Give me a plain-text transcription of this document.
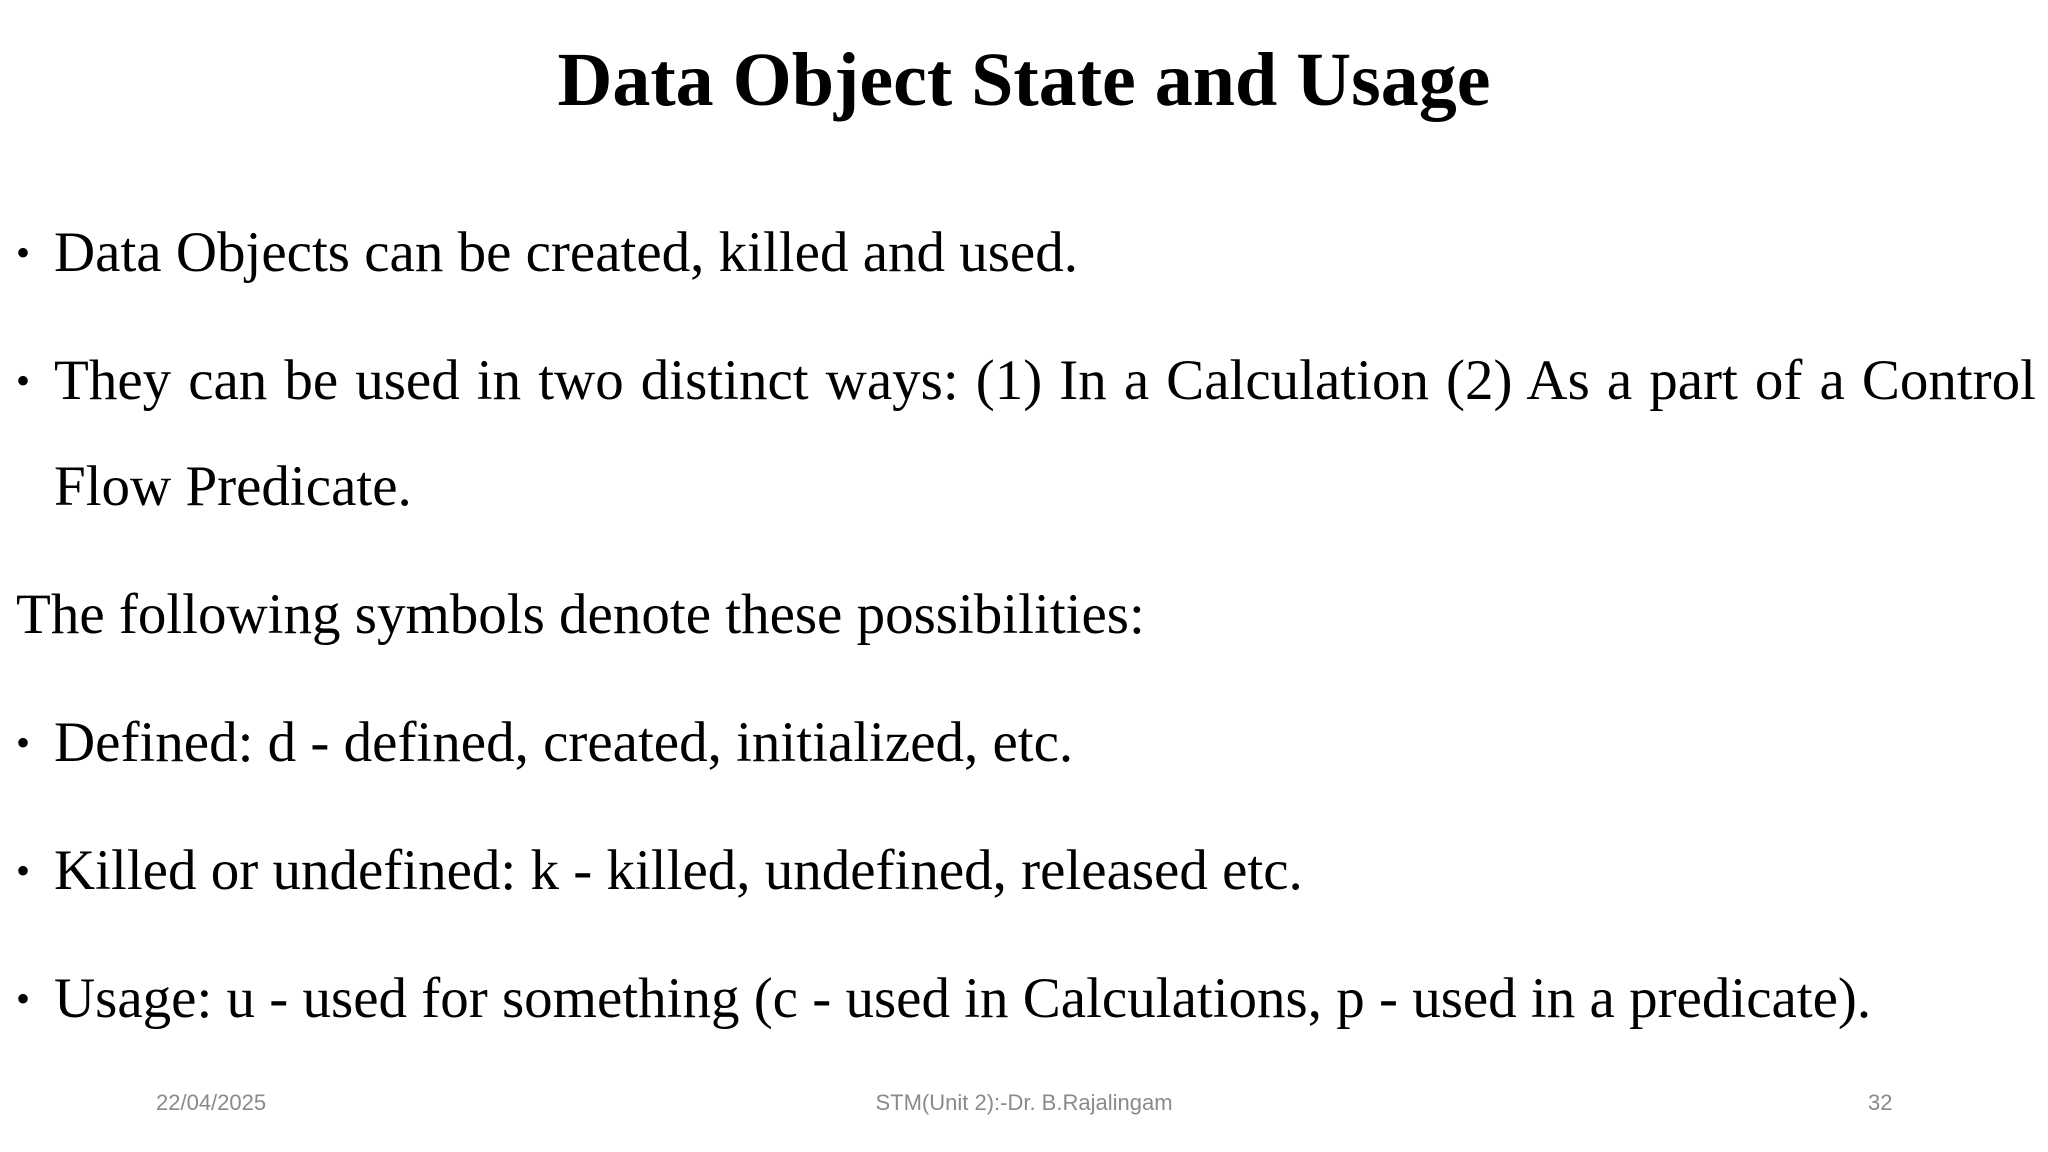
Data Object State and Usage
• Data Objects can be created, killed and used.
• They can be used in two distinct ways: (1) In a Calculation (2) As a part of a Control Flow Predicate.
The following symbols denote these possibilities:
• Defined: d - defined, created, initialized, etc.
• Killed or undefined: k - killed, undefined, released etc.
• Usage: u - used for something (c - used in Calculations, p - used in a predicate).
22/04/2025	STM(Unit 2):-Dr. B.Rajalingam	32
